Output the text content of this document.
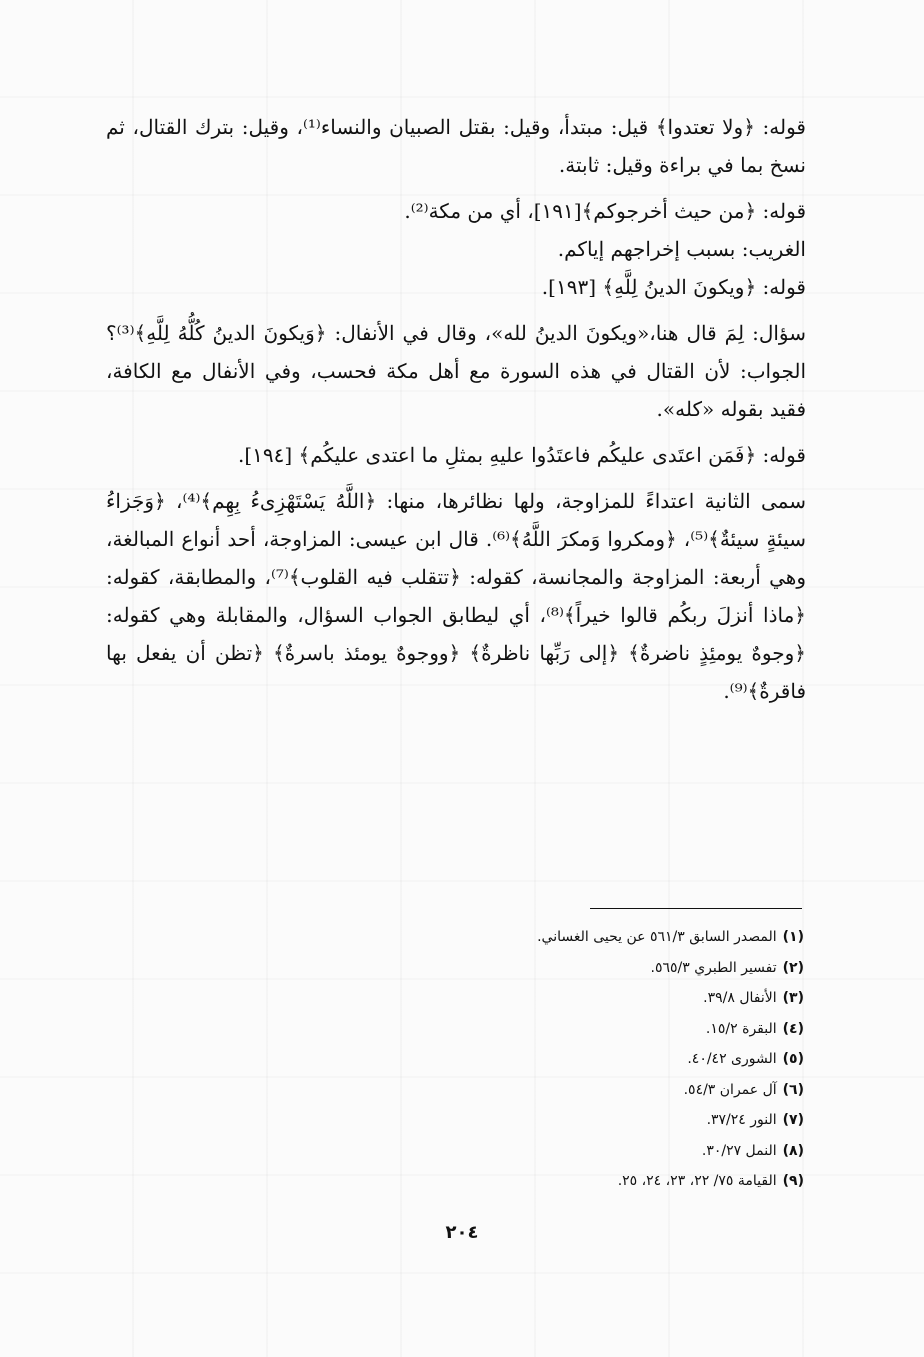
قوله: ﴿ولا تعتدوا﴾ قيل: مبتدأ، وقيل: بقتل الصبيان والنساء⁽¹⁾، وقيل: بترك القتال، ثم نسخ بما في براءة وقيل: ثابتة.

قوله: ﴿من حيث أخرجوكم﴾[١٩١]، أي من مكة⁽²⁾.

الغريب: بسبب إخراجهم إياكم.

قوله: ﴿ويكونَ الدينُ لِلَّهِ﴾ [١٩٣].

سؤال: لِمَ قال هنا،«ويكونَ الدينُ لله»، وقال في الأنفال: ﴿وَيكونَ الدينُ كُلُّهُ لِلَّهِ﴾⁽³⁾؟ الجواب: لأن القتال في هذه السورة مع أهل مكة فحسب، وفي الأنفال مع الكافة، فقيد بقوله «كله».

قوله: ﴿فَمَن اعتَدى عليكُم فاعتَدُوا عليهِ بمثلِ ما اعتدى عليكُم﴾ [١٩٤].

سمى الثانية اعتداءً للمزاوجة، ولها نظائرها، منها: ﴿اللَّهُ يَسْتَهْزِىءُ بِهِم﴾⁽⁴⁾، ﴿وَجَزاءُ سيئةٍ سيئةٌ﴾⁽⁵⁾، ﴿ومكروا وَمكرَ اللَّهُ﴾⁽⁶⁾. قال ابن عيسى: المزاوجة، أحد أنواع المبالغة، وهي أربعة: المزاوجة والمجانسة، كقوله: ﴿تتقلب فيه القلوب﴾⁽⁷⁾، والمطابقة، كقوله: ﴿ماذا أنزلَ ربكُم قالوا خيراً﴾⁽⁸⁾، أي ليطابق الجواب السؤال، والمقابلة وهي كقوله: ﴿وجوهٌ يومئِذٍ ناضرةٌ﴾ ﴿إلى رَبِّها ناظرةٌ﴾ ﴿ووجوهٌ يومئذ باسرةٌ﴾ ﴿تظن أن يفعل بها فاقرةٌ﴾⁽⁹⁾.

(١)المصدر السابق ٥٦١/٣ عن يحيى الغساني.
(٢)تفسير الطبري ٥٦٥/٣.
(٣)الأنفال ٣٩/٨.
(٤)البقرة ١٥/٢.
(٥)الشورى ٤٠/٤٢.
(٦)آل عمران ٥٤/٣.
(٧)النور ٣٧/٢٤.
(٨)النمل ٣٠/٢٧.
(٩)القيامة ٧٥/ ٢٢، ٢٣، ٢٤، ٢٥.
٢٠٤
